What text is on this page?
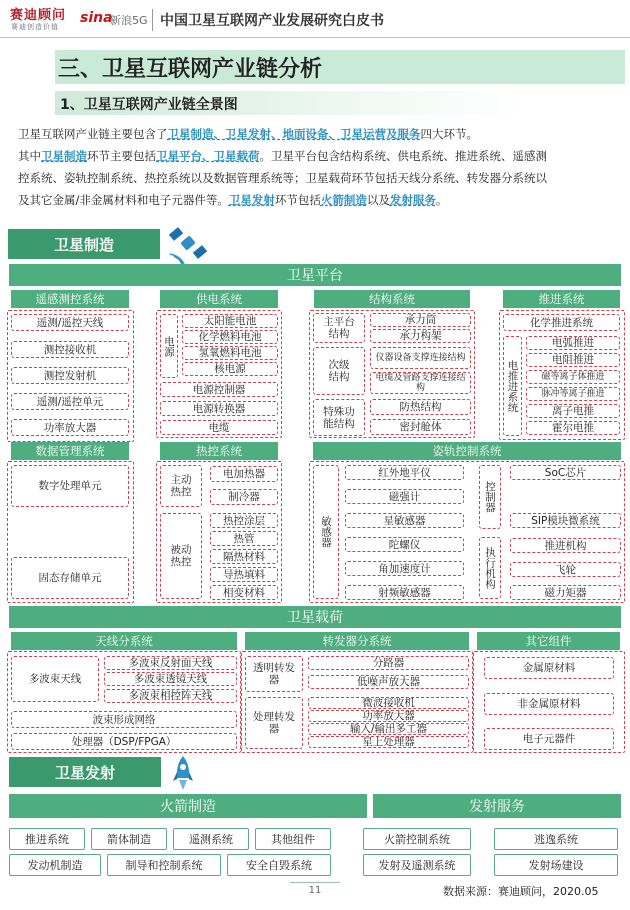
赛迪顾问
赛迪创造价值
sina
新浪5G 中国卫星互联网产业发展研究白皮书
三、卫星互联网产业链分析
1、卫星互联网产业链全景图
卫星互联网产业链主要包含了卫星制造、卫星发射、地面设备、卫星运营及服务四大环节。
其中卫星制造环节主要包括卫星平台、卫星载荷。卫星平台包含结构系统、供电系统、推进系统、遥感测
控系统、姿轨控制系统、热控系统以及数据管理系统等；卫星载荷环节包括天线分系统、转发器分系统以
及其它金属/非金属材料和电子元器件等。卫星发射环节包括火箭制造以及发射服务。
卫星制造
卫星平台
遥感测控系统
遥测/遥控天线
测控接收机
测控发射机
遥测/遥控单元
功率放大器
供电系统
电源
太阳能电池
化学燃料电池
氢氧燃料电池
核电源
电源控制器
电源转换器
电缆
结构系统
主平台结构
承力筒
承力构架
次级结构
仪器设备支撑连接结构
电缆及管路支撑连接结构
特殊功能结构
防热结构
密封舱体
推进系统
化学推进系统
电推进系统
电弧推进
电阻推进
磁等离子体推进
脉冲等离子推进
离子电推
霍尔电推
数据管理系统
数字处理单元
固态存储单元
热控系统
主动热控
电加热器
制冷器
被动热控
热控涂层
热管
隔热材料
导热填料
相变材料
姿轨控制系统
敏感器
红外地平仪
磁强计
星敏感器
陀螺仪
角加速度计
射频敏感器
控制器
SoC芯片
SIP模块微系统
执行机构
推进机构
飞轮
磁力矩器
卫星载荷
天线分系统
多波束天线
多波束反射面天线
多波束透镜天线
多波束相控阵天线
波束形成网络
处理器（DSP/FPGA）
转发器分系统
透明转发器
分路器
低噪声放大器
处理转发器
微波接收机
功率放大器
输入/输出多工器
星上处理器
其它组件
金属原材料
非金属原材料
电子元器件
卫星发射
火箭制造	发射服务
推进系统	箭体制造	遥测系统	其他组件
发动机制造	制导和控制系统	安全自毁系统
火箭控制系统	逃逸系统
发射及遥测系统	发射场建设
11	数据来源：赛迪顾问，2020.05
